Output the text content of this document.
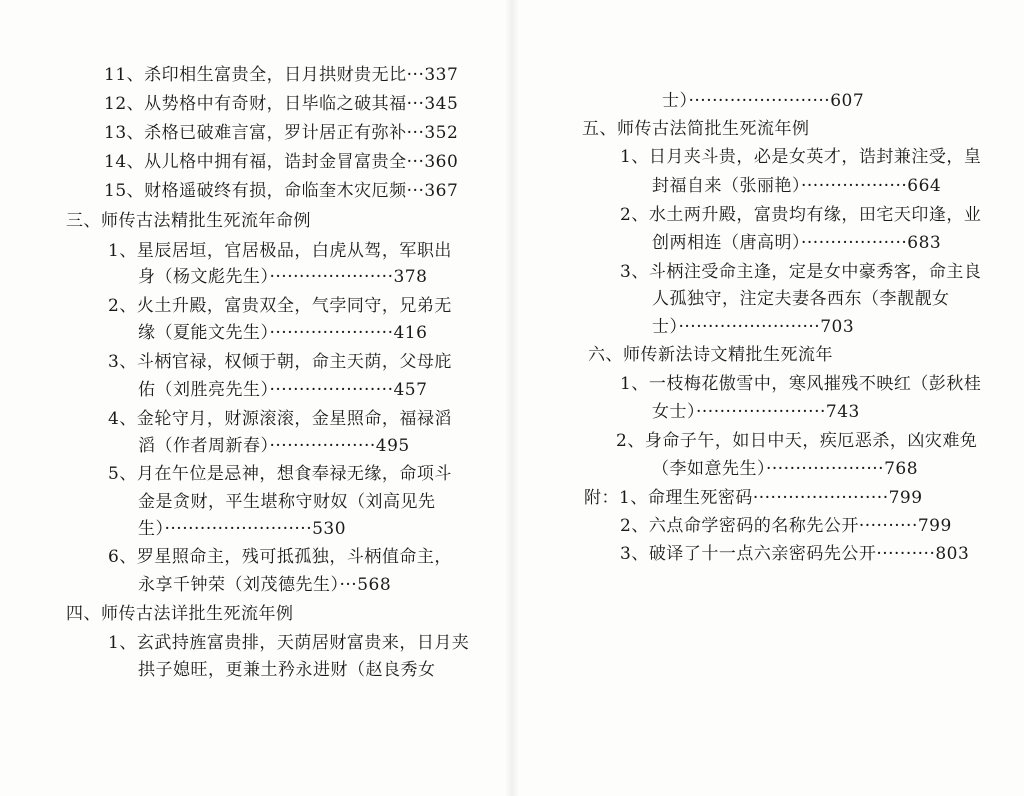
11、杀印相生富贵全，日月拱财贵无比···337
12、从势格中有奇财，日毕临之破其福···345
13、杀格已破难言富，罗计居正有弥补···352
14、从儿格中拥有福，诰封金冒富贵全···360
15、财格遥破终有损，命临奎木灾厄频···367
三、师传古法精批生死流年命例
1、星辰居垣，官居极品，白虎从驾，军职出
身（杨文彪先生）·····················378
2、火土升殿，富贵双全，气孛同守，兄弟无
缘（夏能文先生）·····················416
3、斗柄官禄，权倾于朝，命主天荫，父母庇
佑（刘胜亮先生）·····················457
4、金轮守月，财源滚滚，金星照命，福禄滔
滔（作者周新春）··················495
5、月在午位是忌神，想食奉禄无缘，命项斗
金是贪财，平生堪称守财奴（刘高见先
生）·························530
6、罗星照命主，残可抵孤独，斗柄值命主，
永享千钟荣（刘茂德先生）···568
四、师传古法详批生死流年例
1、玄武持旌富贵排，天荫居财富贵来，日月夹
拱子媳旺，更兼土矜永进财（赵良秀女
士）························607
五、师传古法简批生死流年例
1、日月夹斗贵，必是女英才，诰封兼注受，皇
封福自来（张丽艳）··················664
2、水土两升殿，富贵均有缘，田宅天印逢，业
创两相连（唐高明）··················683
3、斗柄注受命主逢，定是女中豪秀客，命主良
人孤独守，注定夫妻各西东（李靓靓女
士）························703
六、师传新法诗文精批生死流年
1、一枝梅花傲雪中，寒风摧残不映红（彭秋桂
女士）······················743
2、身命子午，如日中天，疾厄恶杀，凶灾难免
（李如意先生）····················768
附：1、命理生死密码·······················799
2、六点命学密码的名称先公开··········799
3、破译了十一点六亲密码先公开··········803
